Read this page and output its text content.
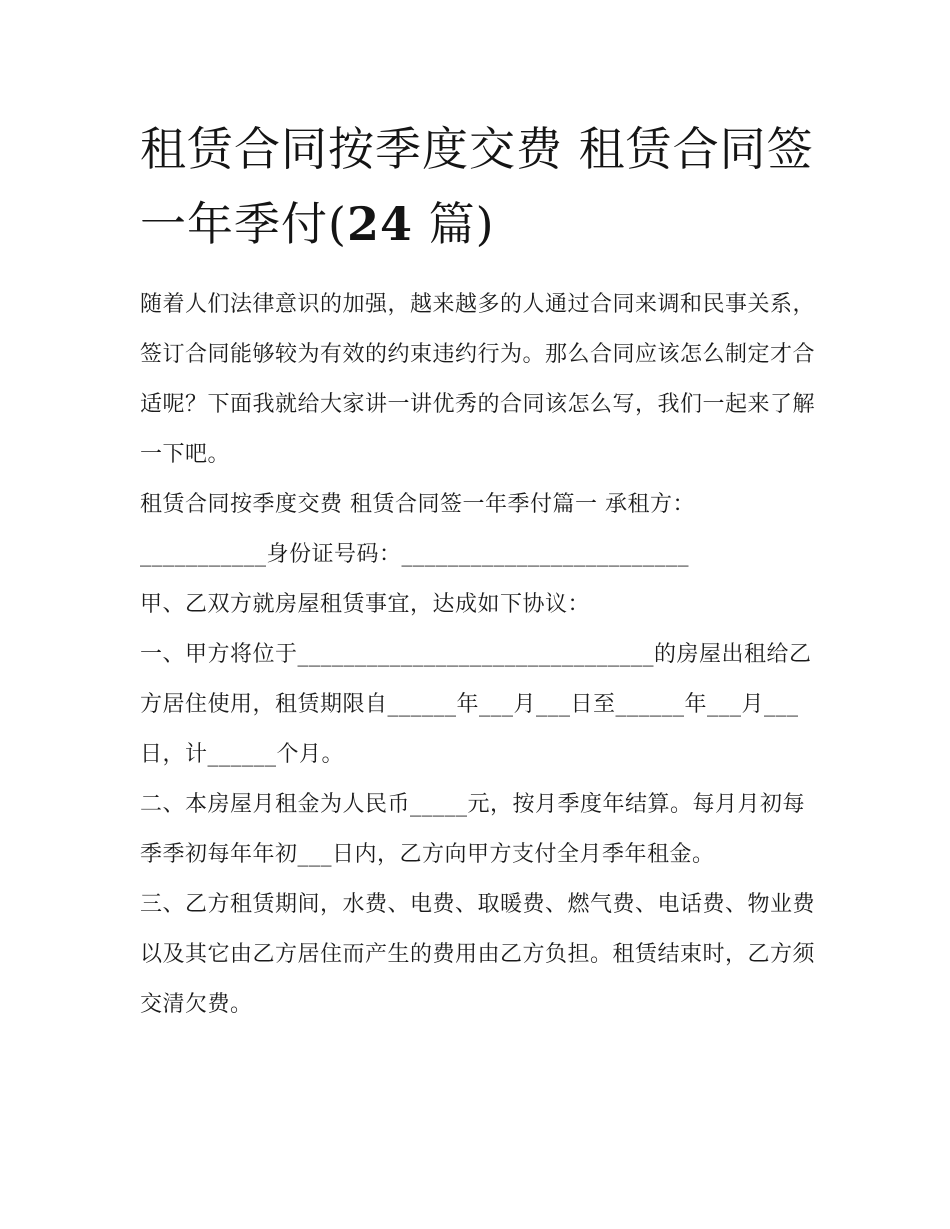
租赁合同按季度交费 租赁合同签一年季付(24 篇)

随着人们法律意识的加强，越来越多的人通过合同来调和民事关系，签订合同能够较为有效的约束违约行为。那么合同应该怎么制定才合适呢？下面我就给大家讲一讲优秀的合同该怎么写，我们一起来了解一下吧。

租赁合同按季度交费 租赁合同签一年季付篇一 承租方：___________身份证号码：_________________________

甲、乙双方就房屋租赁事宜，达成如下协议：

一、甲方将位于_______________________________的房屋出租给乙方居住使用，租赁期限自______年___月___日至______年___月___日，计______个月。

二、本房屋月租金为人民币_____元，按月季度年结算。每月月初每季季初每年年初___日内，乙方向甲方支付全月季年租金。

三、乙方租赁期间，水费、电费、取暖费、燃气费、电话费、物业费以及其它由乙方居住而产生的费用由乙方负担。租赁结束时，乙方须交清欠费。
